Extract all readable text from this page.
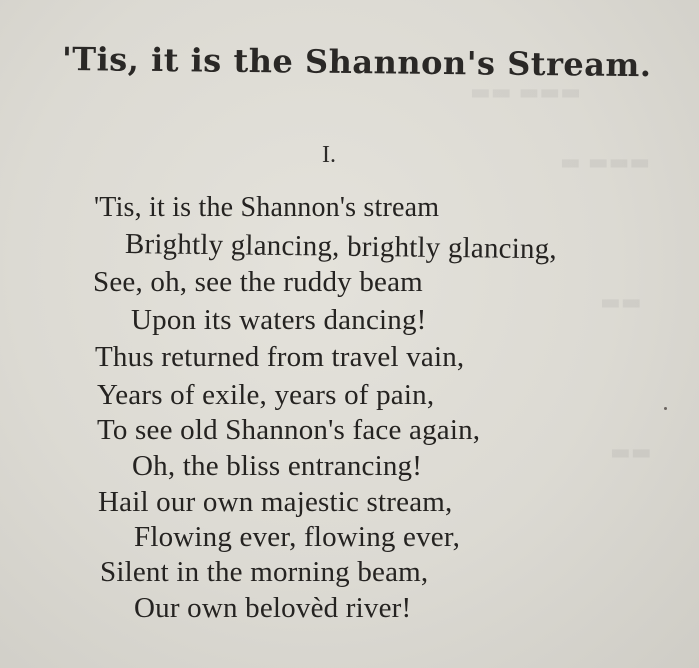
▬▬▬ ▬▬
▬▬▬ ▬
▬▬
▬▬
'Tis, it is the Shannon's Stream.
I.
'Tis, it is the Shannon's stream
Brightly glancing, brightly glancing,
See, oh, see the ruddy beam
Upon its waters dancing!
Thus returned from travel vain,
Years of exile, years of pain,
To see old Shannon's face again,
Oh, the bliss entrancing!
Hail our own majestic stream,
Flowing ever, flowing ever,
Silent in the morning beam,
Our own belovèd river!
